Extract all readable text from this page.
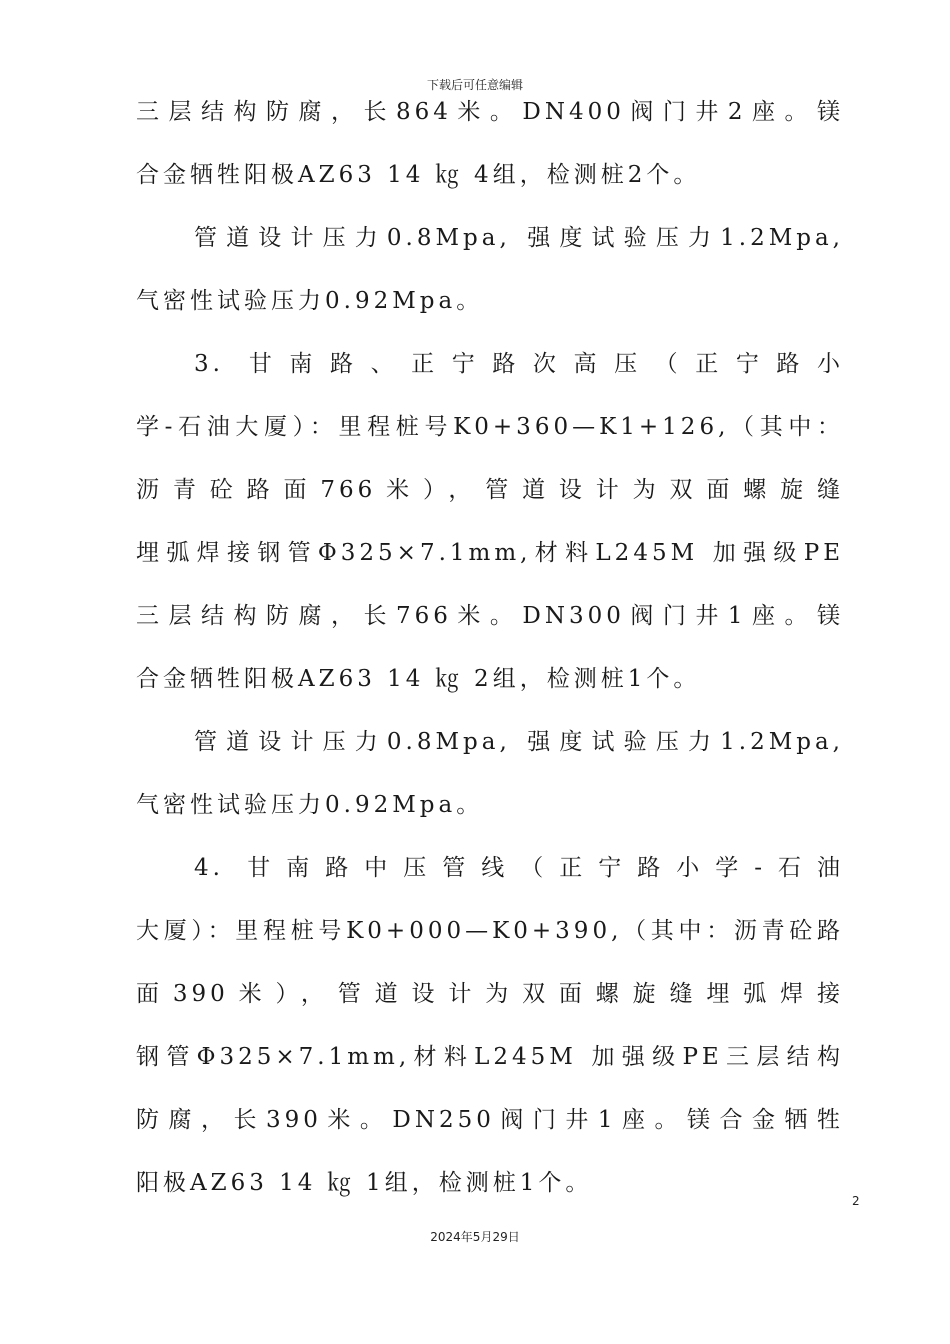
下载后可任意编辑
三层结构防腐，长864米。DN400阀门井2座。镁
合金牺牲阳极AZ63 14 ㎏ 4组，检测桩2个。
管道设计压力0.8Mpa, 强度试验压力1.2Mpa,
气密性试验压力0.92Mpa。
3. 甘南路、正宁路次高压（正宁路小
学-石油大厦）：里程桩号K0+360—K1+126,（其中：
沥青砼路面766米），管道设计为双面螺旋缝
埋弧焊接钢管Φ325×7.1mm,材料L245M 加强级PE
三层结构防腐，长766米。DN300阀门井1座。镁
合金牺牲阳极AZ63 14 ㎏ 2组，检测桩1个。
管道设计压力0.8Mpa, 强度试验压力1.2Mpa,
气密性试验压力0.92Mpa。
4. 甘南路中压管线（正宁路小学-石油
大厦）：里程桩号K0+000—K0+390,（其中：沥青砼路
面390米），管道设计为双面螺旋缝埋弧焊接
钢管Φ325×7.1mm,材料L245M 加强级PE三层结构
防腐，长390米。DN250阀门井1座。镁合金牺牲
阳极AZ63 14 ㎏ 1组，检测桩1个。
2
2024年5月29日
